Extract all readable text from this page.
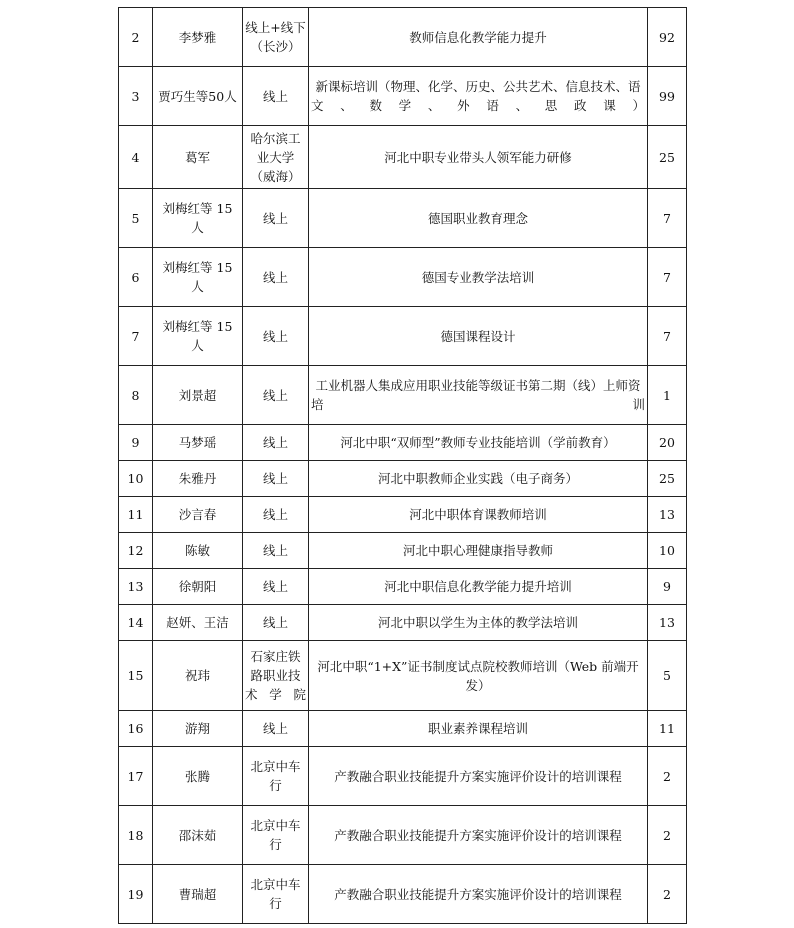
2	李梦雅	线上+线下（长沙）	教师信息化教学能力提升	92
3	贾巧生等50人	线上	新课标培训（物理、化学、历史、公共艺术、信息技术、语文、数学、外语、思政课）	99
4	葛军	哈尔滨工业大学（威海）	河北中职专业带头人领军能力研修	25
5	刘梅红等 15 人	线上	德国职业教育理念	7
6	刘梅红等 15 人	线上	德国专业教学法培训	7
7	刘梅红等 15 人	线上	德国课程设计	7
8	刘景超	线上	工业机器人集成应用职业技能等级证书第二期（线）上师资培训	1
9	马梦瑶	线上	河北中职“双师型”教师专业技能培训（学前教育）	20
10	朱雅丹	线上	河北中职教师企业实践（电子商务）	25
11	沙言春	线上	河北中职体育课教师培训	13
12	陈敏	线上	河北中职心理健康指导教师	10
13	徐朝阳	线上	河北中职信息化教学能力提升培训	9
14	赵妍、王洁	线上	河北中职以学生为主体的教学法培训	13
15	祝玮	石家庄铁路职业技术学院	河北中职“1+X”证书制度试点院校教师培训（Web 前端开发）	5
16	游翔	线上	职业素养课程培训	11
17	张腾	北京中车行	产教融合职业技能提升方案实施评价设计的培训课程	2
18	邵沫茹	北京中车行	产教融合职业技能提升方案实施评价设计的培训课程	2
19	曹瑞超	北京中车行	产教融合职业技能提升方案实施评价设计的培训课程	2
